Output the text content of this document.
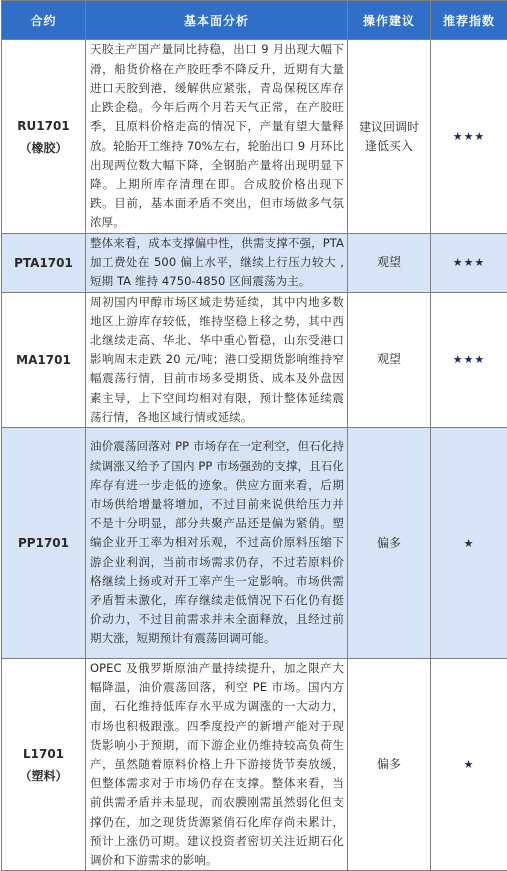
合约	基本面分析	操作建议	推荐指数

RU1701
（橡胶）	天胶主产国产量同比持稳，出口 9 月出现大幅下滑，船货价格在产胶旺季不降反升，近期有大量进口天胶到港，缓解供应紧张，青岛保税区库存止跌企稳。今年后两个月若天气正常，在产胶旺季，且原料价格走高的情况下，产量有望大量释放。轮胎开工维持 70%左右，轮胎出口 9 月环比出现两位数大幅下降，全钢胎产量将出现明显下降。上期所库存清理在即。合成胶价格出现下跌。目前，基本面矛盾不突出，但市场做多气氛浓厚。	建议回调时逢低买入	★★★

PTA1701	整体来看，成本支撑偏中性，供需支撑不强，PTA 加工费处在 500 偏上水平，继续上行压力较大 ,短期 TA 维持 4750-4850 区间震荡为主。	观望	★★★

MA1701	周初国内甲醇市场区域走势延续，其中内地多数地区上游库存较低，维持坚稳上移之势，其中西北继续走高、华北、华中重心暂稳，山东受港口影响周末走跌 20 元/吨；港口受期货影响维持窄幅震荡行情，目前市场多受期货、成本及外盘因素主导，上下空间均相对有限，预计整体延续震荡行情，各地区域行情或延续。	观望	★★★

PP1701	油价震荡回落对 PP 市场存在一定利空，但石化持续调涨又给予了国内 PP 市场强劲的支撑，且石化库存有进一步走低的迹象。供应方面来看，后期市场供给增量将增加，不过目前来说供给压力并不是十分明显，部分共聚产品还是偏为紧俏。塑编企业开工率为相对乐观，不过高价原料压缩下游企业利润，当前市场需求仍存，不过若原料价格继续上扬或对开工率产生一定影响。市场供需矛盾暂未激化，库存继续走低情况下石化仍有挺价动力，不过目前需求并未全面释放，且经过前期大涨，短期预计有震荡回调可能。	偏多	★

L1701
（塑料）	OPEC 及俄罗斯原油产量持续提升，加之限产大幅降温，油价震荡回落，利空 PE 市场。国内方面，石化维持低库存水平成为调涨的一大动力，市场也积极跟涨。四季度投产的新增产能对于现货影响小于预期，而下游企业仍维持较高负荷生产，虽然随着原料价格上升下游接货节奏放缓，但整体需求对于市场仍存在支撑。整体来看，当前供需矛盾并未显现，而农膜刚需虽然弱化但支撑仍在，加之现货货源紧俏石化库存尚未累计，预计上涨仍可期。建议投资者密切关注近期石化调价和下游需求的影响。	偏多	★
